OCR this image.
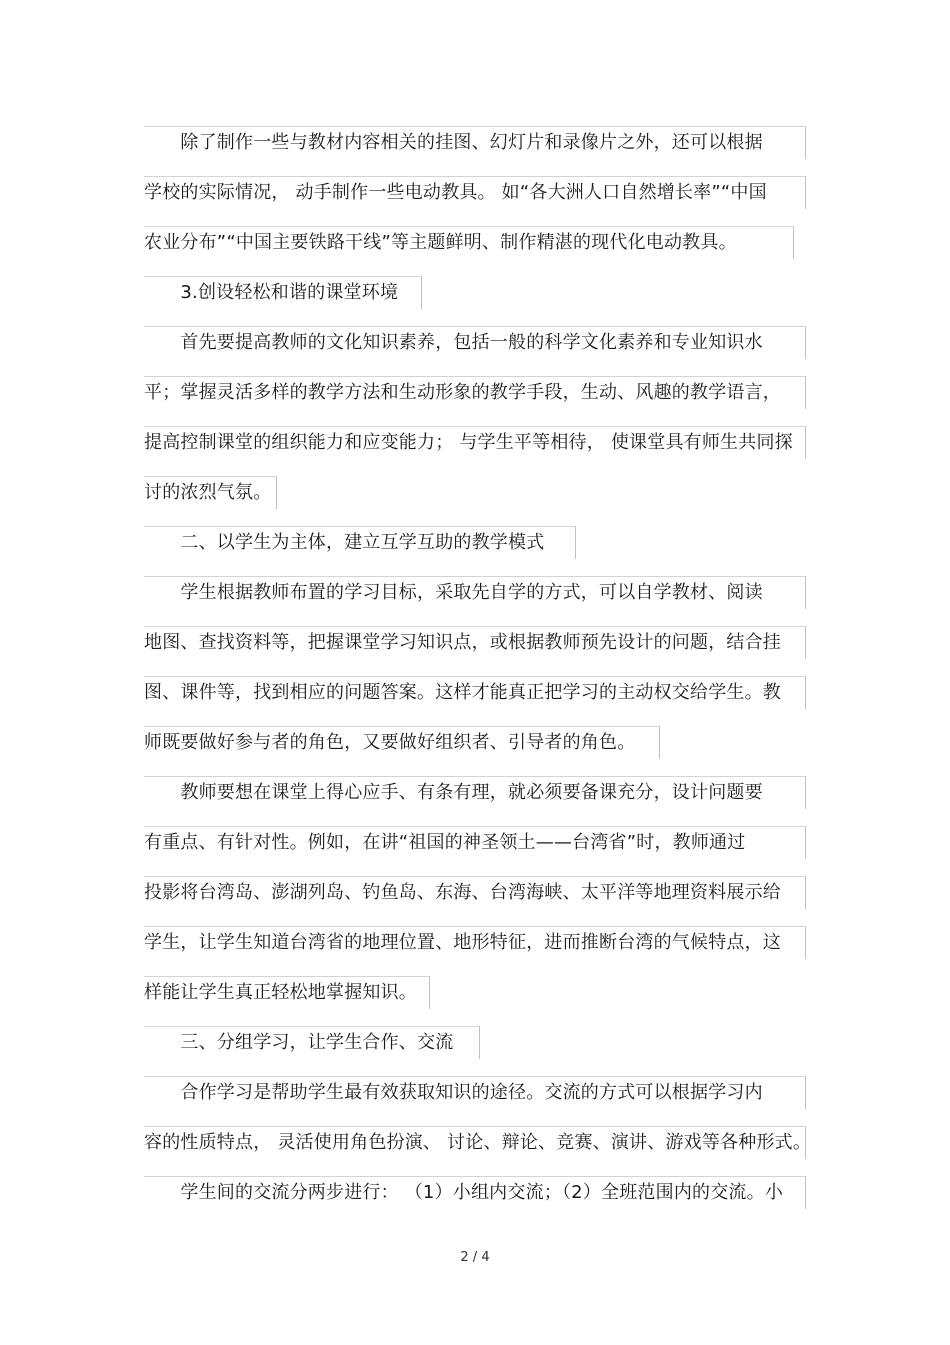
　　除了制作一些与教材内容相关的挂图、幻灯片和录像片之外，还可以根据
学校的实际情况， 动手制作一些电动教具。 如“各大洲人口自然增长率”“中国
农业分布”“中国主要铁路干线”等主题鲜明、制作精湛的现代化电动教具。
　　3.创设轻松和谐的课堂环境
　　首先要提高教师的文化知识素养，包括一般的科学文化素养和专业知识水
平；掌握灵活多样的教学方法和生动形象的教学手段，生动、风趣的教学语言，
提高控制课堂的组织能力和应变能力； 与学生平等相待， 使课堂具有师生共同探
讨的浓烈气氛。
　　二、以学生为主体，建立互学互助的教学模式
　　学生根据教师布置的学习目标，采取先自学的方式，可以自学教材、阅读
地图、查找资料等，把握课堂学习知识点，或根据教师预先设计的问题，结合挂
图、课件等，找到相应的问题答案。这样才能真正把学习的主动权交给学生。教
师既要做好参与者的角色，又要做好组织者、引导者的角色。
　　教师要想在课堂上得心应手、有条有理，就必须要备课充分，设计问题要
有重点、有针对性。例如，在讲“祖国的神圣领土——台湾省”时，教师通过
投影将台湾岛、澎湖列岛、钓鱼岛、东海、台湾海峡、太平洋等地理资料展示给
学生，让学生知道台湾省的地理位置、地形特征，进而推断台湾的气候特点，这
样能让学生真正轻松地掌握知识。
　　三、分组学习，让学生合作、交流
　　合作学习是帮助学生最有效获取知识的途径。交流的方式可以根据学习内
容的性质特点， 灵活使用角色扮演、 讨论、辩论、竞赛、演讲、游戏等各种形式。
　　学生间的交流分两步进行： （1）小组内交流；（2）全班范围内的交流。小
2 / 4
